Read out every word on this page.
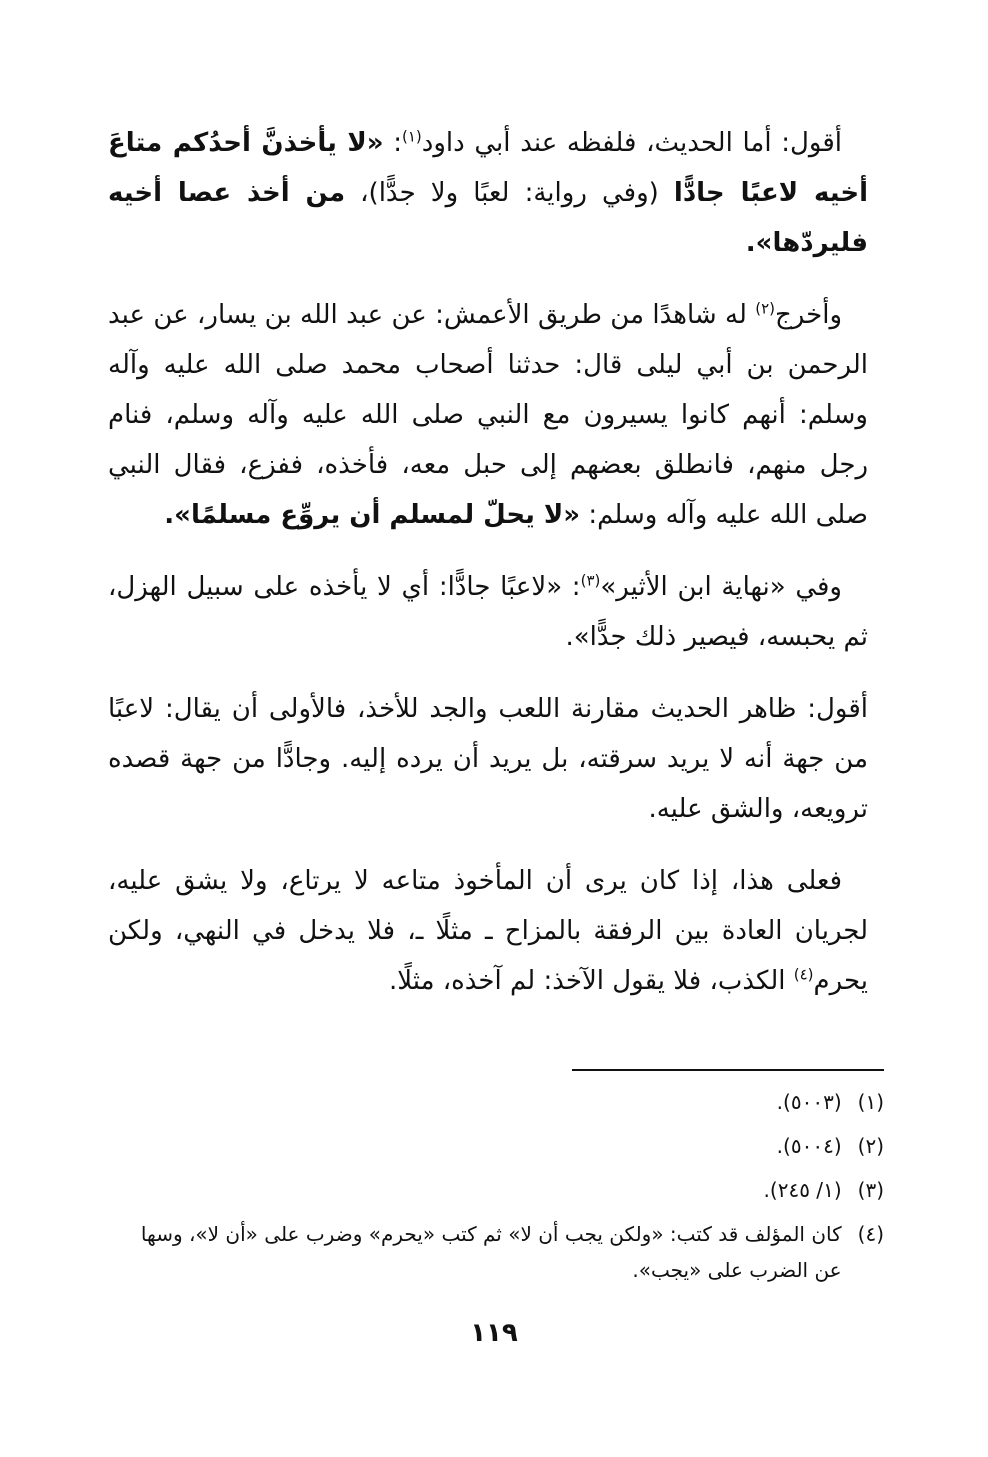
أقول: أما الحديث، فلفظه عند أبي داود$^{(١)}$: «لا يأخذنَّ أحدُكم متاعَ أخيه لاعبًا جادًّا (وفي رواية: لعبًا ولا جدًّا)، من أخذ عصا أخيه فليردّها».

وأخرج$^{(٢)}$ له شاهدًا من طريق الأعمش: عن عبد الله بن يسار، عن عبد الرحمن بن أبي ليلى قال: حدثنا أصحاب محمد صلى الله عليه وآله وسلم: أنهم كانوا يسيرون مع النبي صلى الله عليه وآله وسلم، فنام رجل منهم، فانطلق بعضهم إلى حبل معه، فأخذه، ففزع، فقال النبي صلى الله عليه وآله وسلم: «لا يحلّ لمسلم أن يروِّع مسلمًا».

وفي «نهاية ابن الأثير»$^{(٣)}$: «لاعبًا جادًّا: أي لا يأخذه على سبيل الهزل، ثم يحبسه، فيصير ذلك جدًّا».

أقول: ظاهر الحديث مقارنة اللعب والجد للأخذ، فالأولى أن يقال: لاعبًا من جهة أنه لا يريد سرقته، بل يريد أن يرده إليه. وجادًّا من جهة قصده ترويعه، والشق عليه.

فعلى هذا، إذا كان يرى أن المأخوذ متاعه لا يرتاع، ولا يشق عليه، لجريان العادة بين الرفقة بالمزاح ـ مثلًا ـ، فلا يدخل في النهي، ولكن يحرم$^{(٤)}$ الكذب، فلا يقول الآخذ: لم آخذه، مثلًا.

(١)
(٥٠٠٣).
(٢)
(٥٠٠٤).
(٣)
(١/ ٢٤٥).
(٤)
كان المؤلف قد كتب: «ولكن يجب أن لا» ثم كتب «يحرم» وضرب على «أن لا»، وسها عن الضرب على «يجب».
١١٩
